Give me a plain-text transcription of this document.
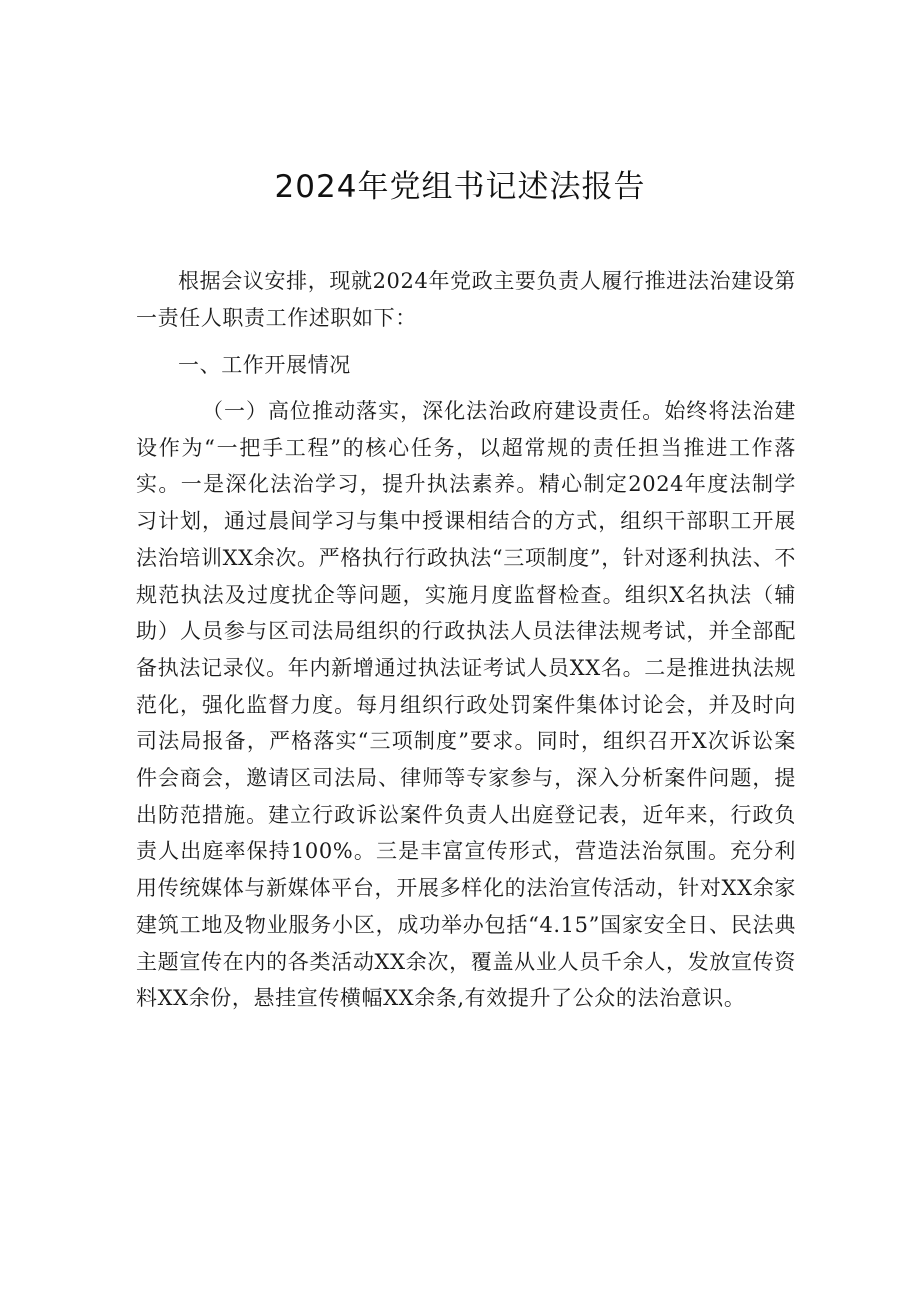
2024年党组书记述法报告

根据会议安排，现就2024年党政主要负责人履行推进法治建设第一责任人职责工作述职如下：

一、工作开展情况

（一）高位推动落实，深化法治政府建设责任。始终将法治建设作为“一把手工程”的核心任务，以超常规的责任担当推进工作落实。一是深化法治学习，提升执法素养。精心制定2024年度法制学习计划，通过晨间学习与集中授课相结合的方式，组织干部职工开展法治培训XX余次。严格执行行政执法“三项制度”，针对逐利执法、不规范执法及过度扰企等问题，实施月度监督检查。组织X名执法（辅助）人员参与区司法局组织的行政执法人员法律法规考试，并全部配备执法记录仪。年内新增通过执法证考试人员XX名。二是推进执法规范化，强化监督力度。每月组织行政处罚案件集体讨论会，并及时向司法局报备，严格落实“三项制度”要求。同时，组织召开X次诉讼案件会商会，邀请区司法局、律师等专家参与，深入分析案件问题，提出防范措施。建立行政诉讼案件负责人出庭登记表，近年来，行政负责人出庭率保持100%。三是丰富宣传形式，营造法治氛围。充分利用传统媒体与新媒体平台，开展多样化的法治宣传活动，针对XX余家建筑工地及物业服务小区，成功举办包括“4.15”国家安全日、民法典主题宣传在内的各类活动XX余次，覆盖从业人员千余人，发放宣传资料XX余份，悬挂宣传横幅XX余条,有效提升了公众的法治意识。
